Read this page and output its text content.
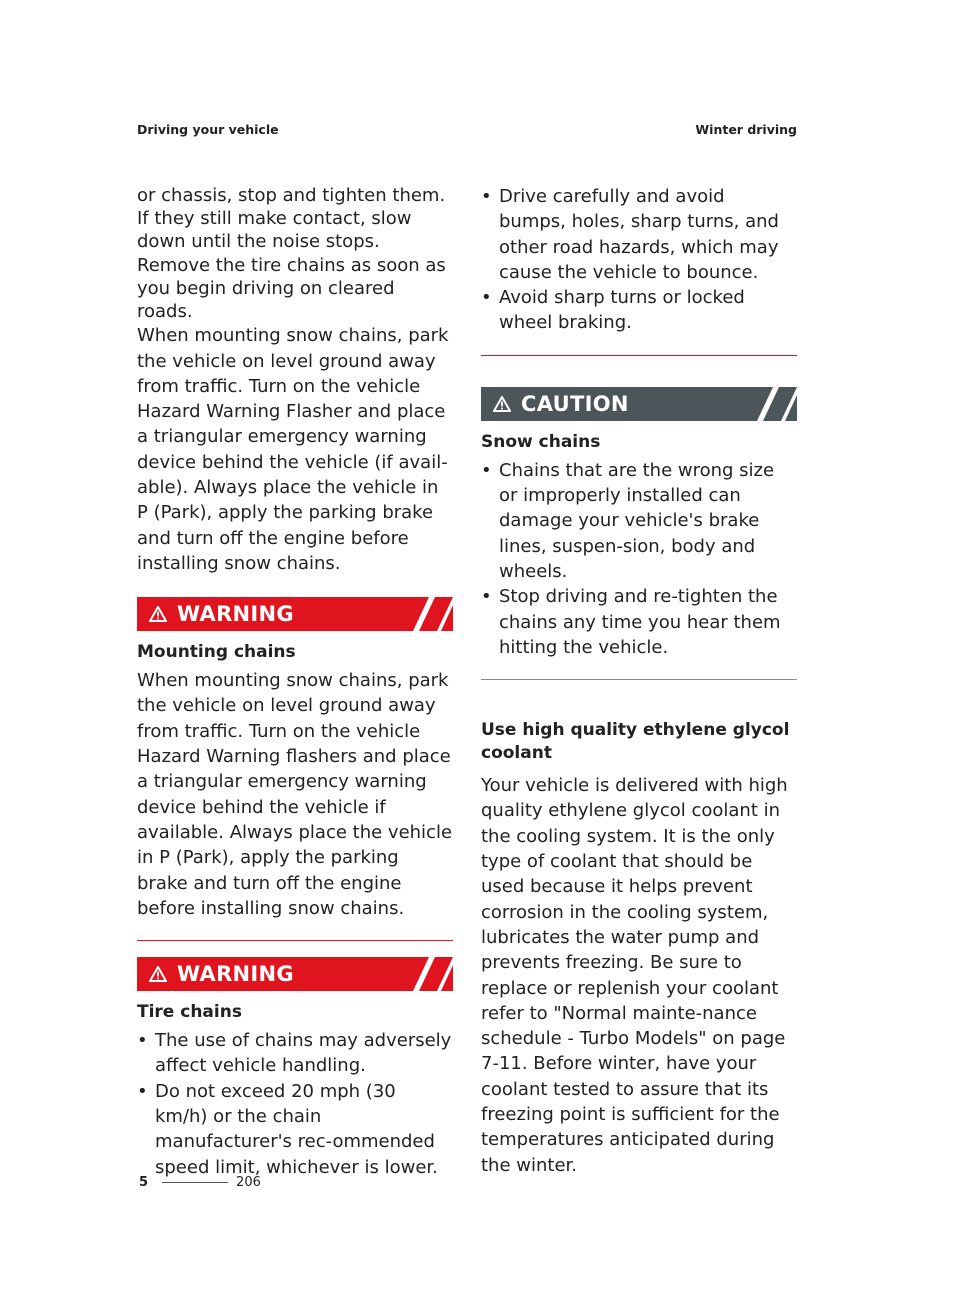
Driving your vehicle	Winter driving

or chassis, stop and tighten them. If they still make contact, slow down until the noise stops. Remove the tire chains as soon as you begin driving on cleared roads.

When mounting snow chains, park the vehicle on level ground away from traffic. Turn on the vehicle Hazard Warning Flasher and place a triangular emergency warning device behind the vehicle (if avail-able). Always place the vehicle in P (Park), apply the parking brake and turn off the engine before installing snow chains.

WARNING

Mounting chains

When mounting snow chains, park the vehicle on level ground away from traffic. Turn on the vehicle Hazard Warning flashers and place a triangular emergency warning device behind the vehicle if available. Always place the vehicle in P (Park), apply the parking brake and turn off the engine before installing snow chains.

WARNING

Tire chains

• The use of chains may adversely affect vehicle handling.
• Do not exceed 20 mph (30 km/h) or the chain manufacturer's rec-ommended speed limit, whichever is lower.
• Drive carefully and avoid bumps, holes, sharp turns, and other road hazards, which may cause the vehicle to bounce.
• Avoid sharp turns or locked wheel braking.
CAUTION

Snow chains

• Chains that are the wrong size or improperly installed can damage your vehicle's brake lines, suspen-sion, body and wheels.
• Stop driving and re-tighten the chains any time you hear them hitting the vehicle.

Use high quality ethylene glycol coolant

Your vehicle is delivered with high quality ethylene glycol coolant in the cooling system. It is the only type of coolant that should be used because it helps prevent corrosion in the cooling system, lubricates the water pump and prevents freezing. Be sure to replace or replenish your coolant refer to "Normal mainte-nance schedule - Turbo Models" on page 7-11. Before winter, have your coolant tested to assure that its freezing point is sufficient for the temperatures anticipated during the winter.

5	206
